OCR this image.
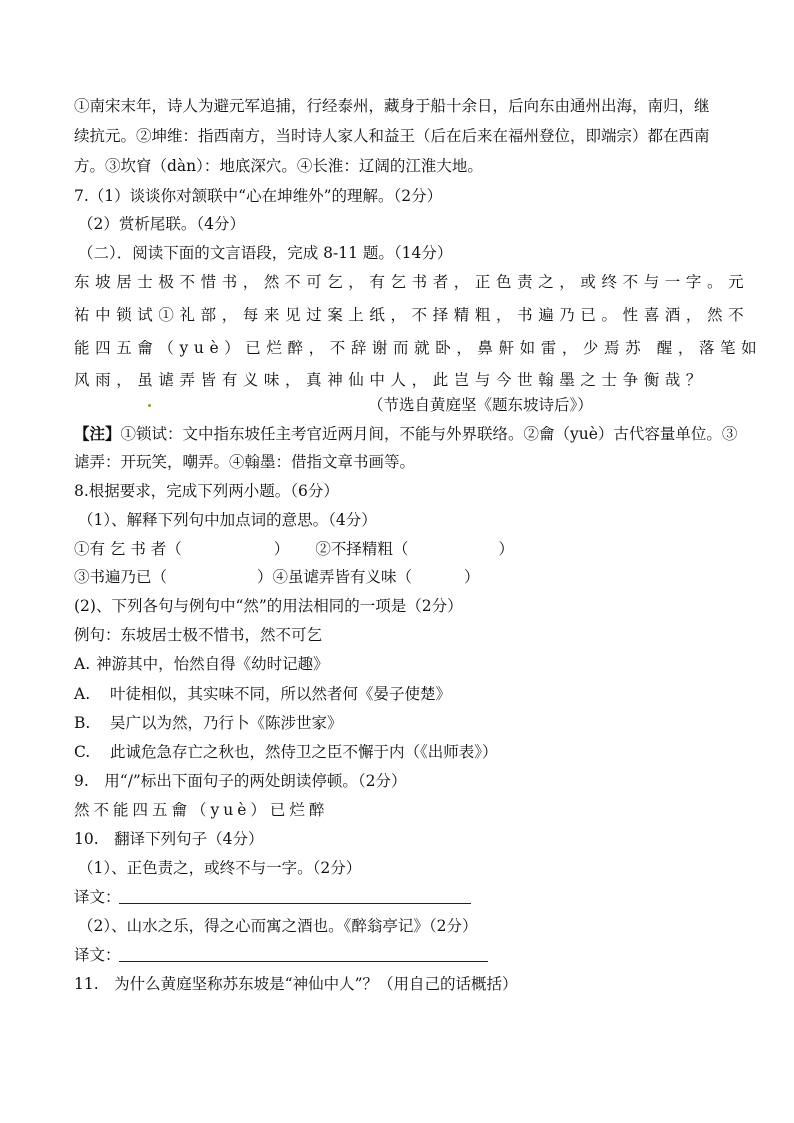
①南宋末年，诗人为避元军追捕，行经泰州，藏身于船十余日，后向东由通州出海，南归，继
续抗元。②坤维：指西南方，当时诗人家人和益王（后在后来在福州登位，即端宗）都在西南
方。③坎窅（dàn）：地底深穴。④长淮：辽阔的江淮大地。
7.（1）谈谈你对颔联中“心在坤维外”的理解。（2分）
（2）赏析尾联。（4分）
（二）．阅读下面的文言语段，完成 8-11 题。（14分）
东坡居士极不惜书，然不可乞，有乞书者，正色责之，或终不与一字。元
祐中锁试①礼部，每来见过案上纸，不择精粗，书遍乃已。性喜酒，然不
能四五龠（yuè）已烂醉，不辞谢而就卧，鼻鼾如雷，少焉苏 醒，落笔如
风雨，虽谑弄皆有义味，真神仙中人，此岂与今世翰墨之士争衡哉？
（节选自黄庭坚《题东坡诗后》）
【注】①锁试：文中指东坡任主考官近两月间，不能与外界联络。②龠（yuè）古代容量单位。③
谑弄：开玩笑，嘲弄。④翰墨：借指文章书画等。
8.根据要求，完成下列两小题。（6分）
（1）、解释下列句中加点词的意思。（4分）
①有 乞 书 者（	） ②不择精粗（	）
③书遍乃已（	）④虽谑弄皆有义味（	）
(2)、下列各句与例句中“然”的用法相同的一项是（2分）
例句：东坡居士极不惜书，然不可乞
A. 神游其中，怡然自得《幼时记趣》
A. 叶徒相似，其实味不同，所以然者何《晏子使楚》
B. 吴广以为然，乃行卜《陈涉世家》
C. 此诚危急存亡之秋也，然侍卫之臣不懈于内（《出师表》）
9.　用“/”标出下面句子的两处朗读停顿。（2分）
然不能四五龠（yuè）已烂醉
10.　翻译下列句子（4分）
（1）、正色责之，或终不与一字。（2分）
译文：
（2）、山水之乐，得之心而寓之酒也。《醉翁亭记》（2分）
译文：
11.　为什么黄庭坚称苏东坡是“神仙中人”？（用自己的话概括）
